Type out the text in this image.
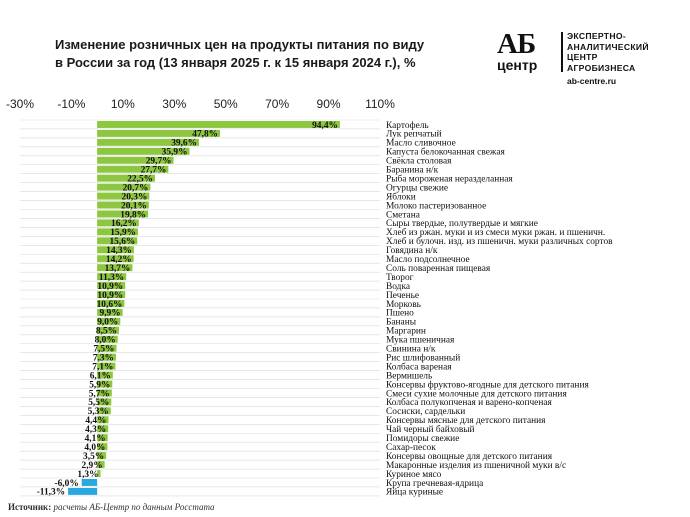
Изменение розничных цен на продукты питания по виду
в России за год (13 января 2025 г. к 15 января 2024 г.), %
АБ
центр
ЭКСПЕРТНО-
АНАЛИТИЧЕСКИЙ
ЦЕНТР
АГРОБИЗНЕСА
ab-centre.ru
-30% -10% 10% 30% 50% 70% 90% 110%
94,4%
47,8%
39,6%
35,9%
29,7%
27,7%
22,5%
20,7%
20,3%
20,1%
19,8%
16,2%
15,9%
15,6%
14,3%
14,2%
13,7%
11,3%
10,9%
10,9%
10,6%
9,9%
9,0%
8,5%
8,0%
7,5%
7,3%
7,1%
6,1%
5,9%
5,7%
5,5%
5,3%
4,4%
4,3%
4,1%
4,0%
3,5%
2,9%
1,3%
-6,0%
-11,3%
Картофель
Лук репчатый
Масло сливочное
Капуста белокочанная свежая
Свёкла столовая
Баранина н/к
Рыба мороженая неразделанная
Огурцы свежие
Яблоки
Молоко пастеризованное
Сметана
Сыры твердые, полутвердые и мягкие
Хлеб из ржан. муки и из смеси муки ржан. и пшеничн.
Хлеб и булочн. изд. из пшеничн. муки различных сортов
Говядина н/к
Масло подсолнечное
Соль поваренная пищевая
Творог
Водка
Печенье
Морковь
Пшено
Бананы
Маргарин
Мука пшеничная
Свинина н/к
Рис шлифованный
Колбаса вареная
Вермишель
Консервы фруктово-ягодные для детского питания
Смеси сухие молочные для детского питания
Колбаса полукопченая и варено-копченая
Сосиски, сардельки
Консервы мясные для детского питания
Чай черный байховый
Помидоры свежие
Сахар-песок
Консервы овощные для детского питания
Макаронные изделия из пшеничной муки в/с
Куриное мясо
Крупа гречневая-ядрица
Яйца куриные
Источник: расчеты АБ-Центр по данным Росстата
